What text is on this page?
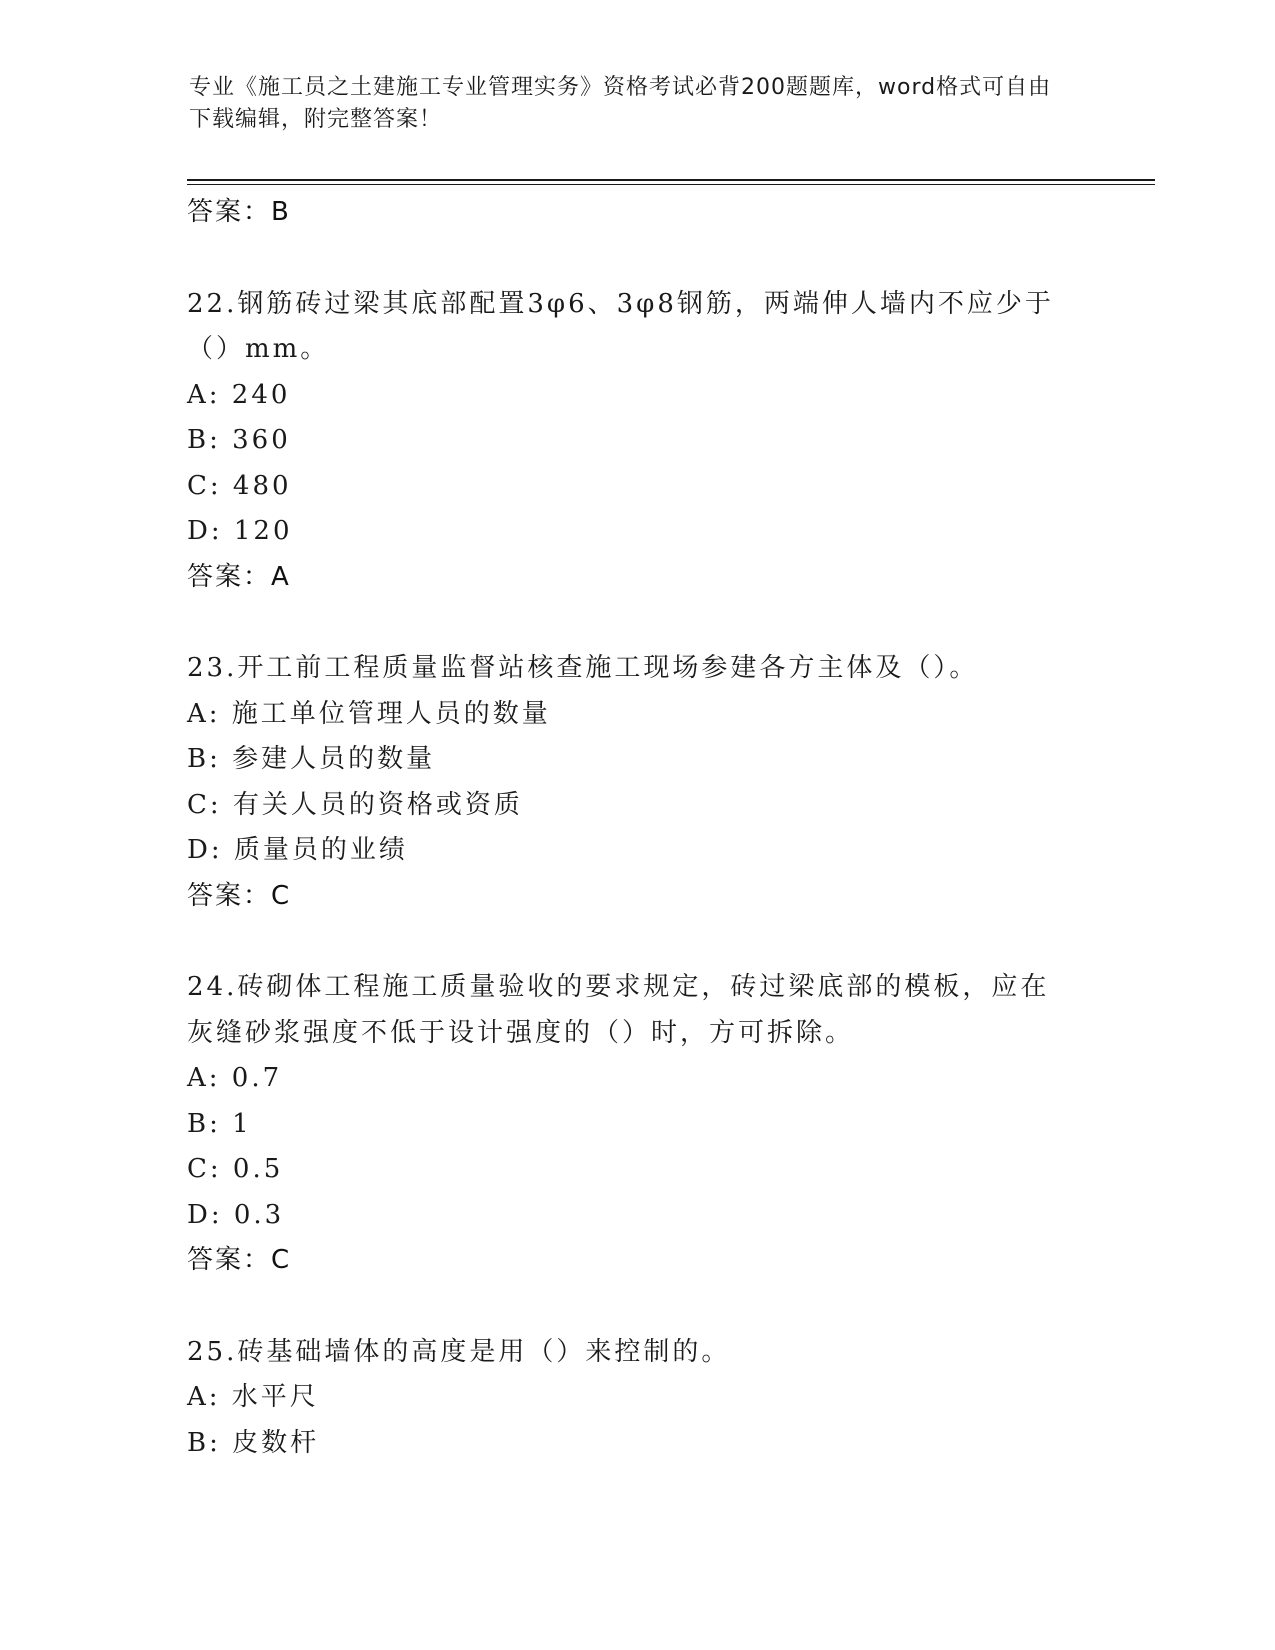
专业《施工员之土建施工专业管理实务》资格考试必背200题题库，word格式可自由下载编辑，附完整答案！
答案：B
22.钢筋砖过梁其底部配置3φ6、3φ8钢筋，两端伸人墙内不应少于（）mm。
A: 240
B: 360
C: 480
D: 120
答案：A
23.开工前工程质量监督站核查施工现场参建各方主体及（）。
A: 施工单位管理人员的数量
B: 参建人员的数量
C: 有关人员的资格或资质
D: 质量员的业绩
答案：C
24.砖砌体工程施工质量验收的要求规定，砖过梁底部的模板，应在灰缝砂浆强度不低于设计强度的（）时，方可拆除。
A: 0.7
B: 1
C: 0.5
D: 0.3
答案：C
25.砖基础墙体的高度是用（）来控制的。
A: 水平尺
B: 皮数杆
